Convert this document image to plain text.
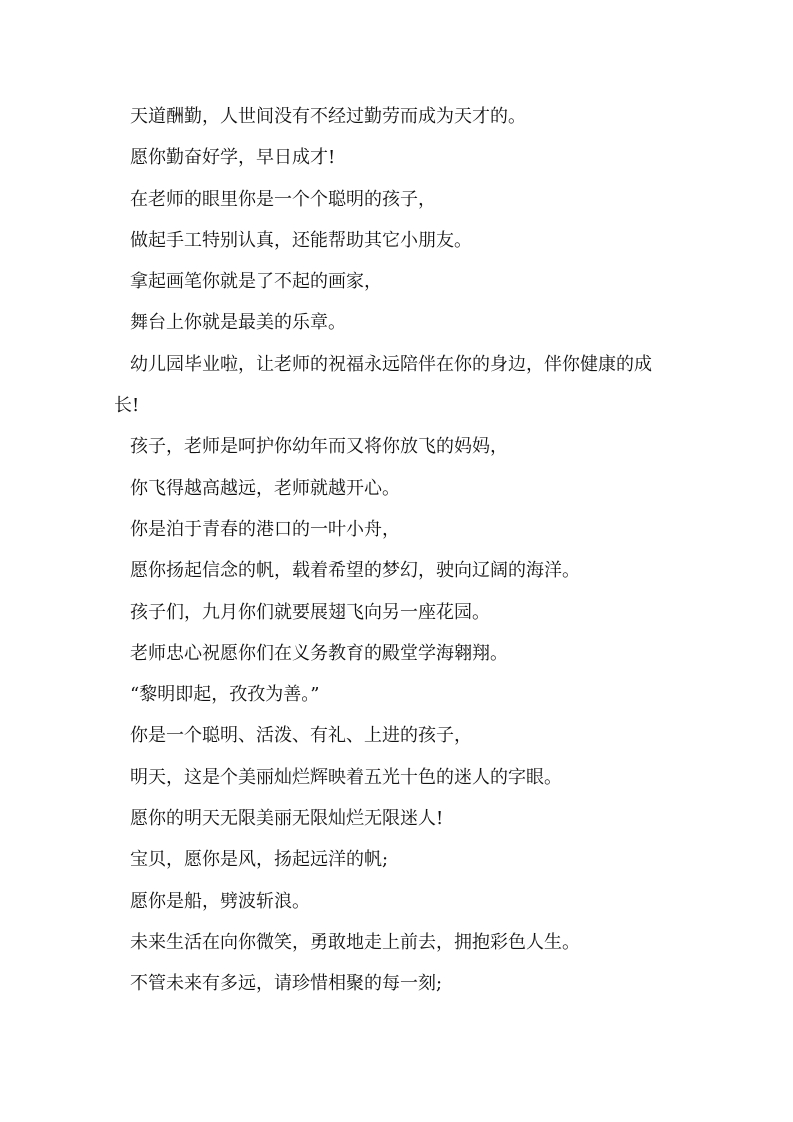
天道酬勤，人世间没有不经过勤劳而成为天才的。
愿你勤奋好学，早日成才!
在老师的眼里你是一个个聪明的孩子，
做起手工特别认真，还能帮助其它小朋友。
拿起画笔你就是了不起的画家，
舞台上你就是最美的乐章。
幼儿园毕业啦，让老师的祝福永远陪伴在你的身边，伴你健康的成
长!
孩子，老师是呵护你幼年而又将你放飞的妈妈，
你飞得越高越远，老师就越开心。
你是泊于青春的港口的一叶小舟，
愿你扬起信念的帆，载着希望的梦幻，驶向辽阔的海洋。
孩子们，九月你们就要展翅飞向另一座花园。
老师忠心祝愿你们在义务教育的殿堂学海翱翔。
“黎明即起，孜孜为善。”
你是一个聪明、活泼、有礼、上进的孩子，
明天，这是个美丽灿烂辉映着五光十色的迷人的字眼。
愿你的明天无限美丽无限灿烂无限迷人!
宝贝，愿你是风，扬起远洋的帆;
愿你是船，劈波斩浪。
未来生活在向你微笑，勇敢地走上前去，拥抱彩色人生。
不管未来有多远，请珍惜相聚的每一刻;
